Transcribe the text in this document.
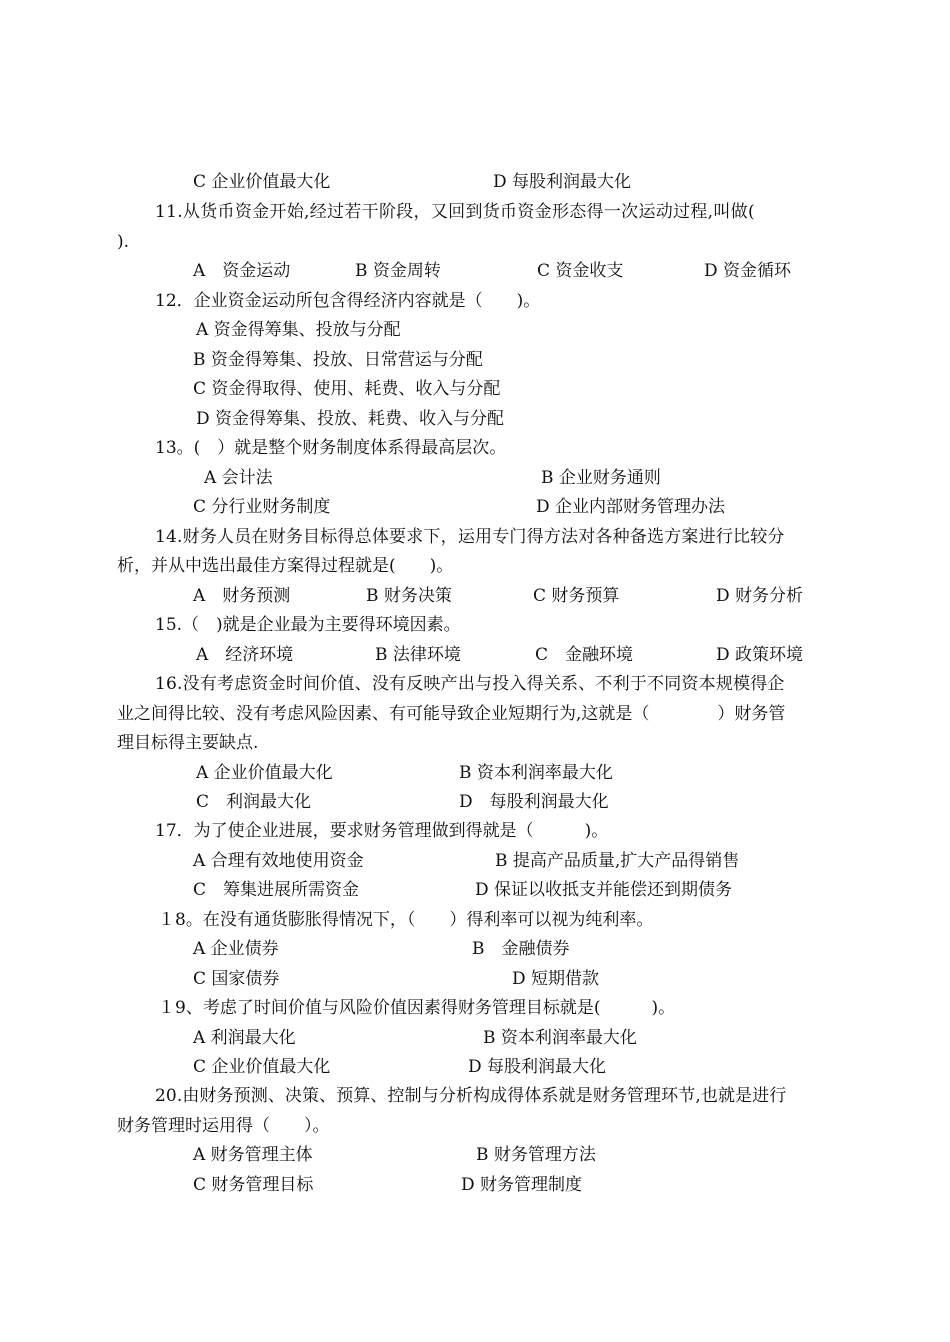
C 企业价值最大化	D 每股利润最大化
11.从货币资金开始,经过若干阶段，又回到货币资金形态得一次运动过程,叫做(
).
A　资金运动	B 资金周转	C 资金收支	D 资金循环
12．企业资金运动所包含得经济内容就是（　　)。
A 资金得筹集、投放与分配
B 资金得筹集、投放、日常营运与分配
C 资金得取得、使用、耗费、收入与分配
D 资金得筹集、投放、耗费、收入与分配
13。(　）就是整个财务制度体系得最高层次。
A 会计法	B 企业财务通则
C 分行业财务制度	D 企业内部财务管理办法
14.财务人员在财务目标得总体要求下，运用专门得方法对各种备选方案进行比较分
析，并从中选出最佳方案得过程就是(　　)。
A　财务预测	B 财务决策	C 财务预算	D 财务分析
15.（　)就是企业最为主要得环境因素。
A　经济环境	B 法律环境	C　金融环境	D 政策环境
16.没有考虑资金时间价值、没有反映产出与投入得关系、不利于不同资本规模得企
业之间得比较、没有考虑风险因素、有可能导致企业短期行为,这就是（　　　　）财务管
理目标得主要缺点.
A 企业价值最大化	B 资本利润率最大化
C　利润最大化	D　每股利润最大化
17．为了使企业进展，要求财务管理做到得就是（　　　)。
A 合理有效地使用资金	B 提高产品质量,扩大产品得销售
C　筹集进展所需资金	D 保证以收抵支并能偿还到期债务
１8。在没有通货膨胀得情况下，（　　）得利率可以视为纯利率。
A 企业债券	B　金融债券
C 国家债券	D 短期借款
１9、考虑了时间价值与风险价值因素得财务管理目标就是(　　　)。
A 利润最大化	B 资本利润率最大化
C 企业价值最大化	D 每股利润最大化
20.由财务预测、决策、预算、控制与分析构成得体系就是财务管理环节,也就是进行
财务管理时运用得（　　）。
A 财务管理主体	B 财务管理方法
C 财务管理目标	D 财务管理制度
